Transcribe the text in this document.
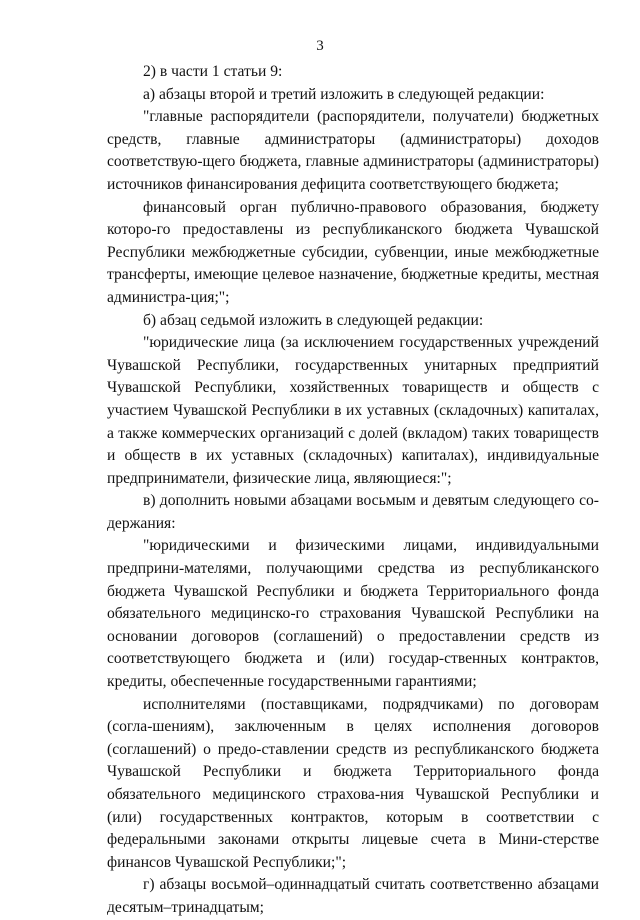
3

2) в части 1 статьи 9:

а) абзацы второй и третий изложить в следующей редакции:

"главные распорядители (распорядители, получатели) бюджетных средств, главные администраторы (администраторы) доходов соответствую-щего бюджета, главные администраторы (администраторы) источников финансирования дефицита соответствующего бюджета;

финансовый орган публично-правового образования, бюджету которо-го предоставлены из республиканского бюджета Чувашской Республики межбюджетные субсидии, субвенции, иные межбюджетные трансферты, имеющие целевое назначение, бюджетные кредиты, местная администра-ция;";

б) абзац седьмой изложить в следующей редакции:

"юридические лица (за исключением государственных учреждений Чувашской Республики, государственных унитарных предприятий Чувашской Республики, хозяйственных товариществ и обществ с участием Чувашской Республики в их уставных (складочных) капиталах, а также коммерческих организаций с долей (вкладом) таких товариществ и обществ в их уставных (складочных) капиталах), индивидуальные предприниматели, физические лица, являющиеся:";

в) дополнить новыми абзацами восьмым и девятым следующего со-держания:

"юридическими и физическими лицами, индивидуальными предприни-мателями, получающими средства из республиканского бюджета Чувашской Республики и бюджета Территориального фонда обязательного медицинско-го страхования Чувашской Республики на основании договоров (соглашений) о предоставлении средств из соответствующего бюджета и (или) государ-ственных контрактов, кредиты, обеспеченные государственными гарантиями;

исполнителями (поставщиками, подрядчиками) по договорам (согла-шениям), заключенным в целях исполнения договоров (соглашений) о предо-ставлении средств из республиканского бюджета Чувашской Республики и бюджета Территориального фонда обязательного медицинского страхова-ния Чувашской Республики и (или) государственных контрактов, которым в соответствии с федеральными законами открыты лицевые счета в Мини-стерстве финансов Чувашской Республики;";

г) абзацы восьмой–одиннадцатый считать соответственно абзацами десятым–тринадцатым;
